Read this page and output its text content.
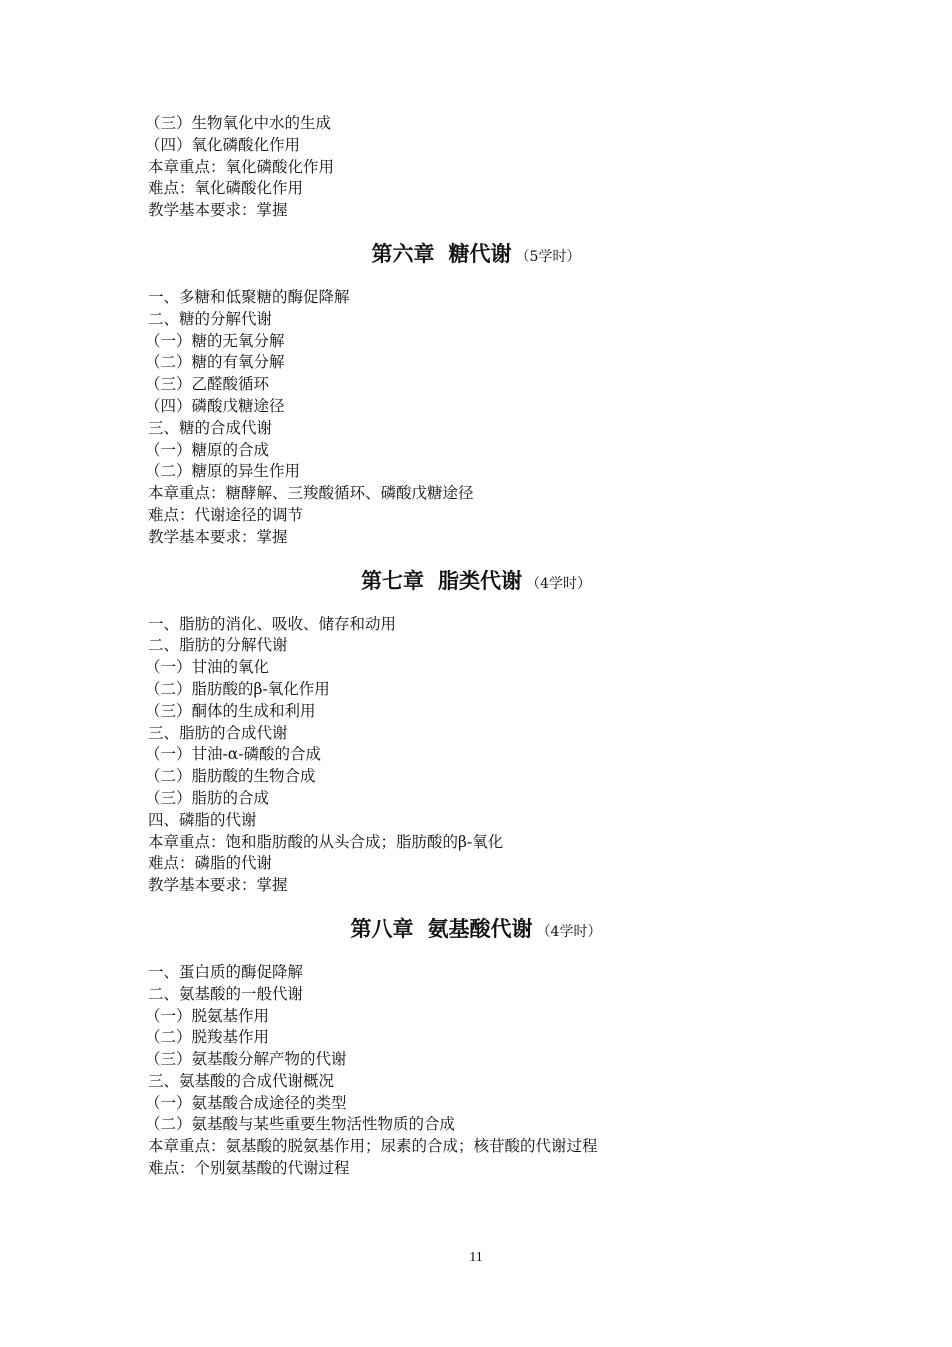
（三）生物氧化中水的生成
（四）氧化磷酸化作用
本章重点：氧化磷酸化作用
难点：氧化磷酸化作用
教学基本要求：掌握
第六章 糖代谢 （5学时）
一、多糖和低聚糖的酶促降解
二、糖的分解代谢
（一）糖的无氧分解
（二）糖的有氧分解
（三）乙醛酸循环
（四）磷酸戊糖途径
三、糖的合成代谢
（一）糖原的合成
（二）糖原的异生作用
本章重点：糖酵解、三羧酸循环、磷酸戊糖途径
难点：代谢途径的调节
教学基本要求：掌握
第七章 脂类代谢 （4学时）
一、脂肪的消化、吸收、储存和动用
二、脂肪的分解代谢
（一）甘油的氧化
（二）脂肪酸的β-氧化作用
（三）酮体的生成和利用
三、脂肪的合成代谢
（一）甘油-α-磷酸的合成
（二）脂肪酸的生物合成
（三）脂肪的合成
四、磷脂的代谢
本章重点：饱和脂肪酸的从头合成；脂肪酸的β-氧化
难点：磷脂的代谢
教学基本要求：掌握
第八章 氨基酸代谢 （4学时）
一、蛋白质的酶促降解
二、氨基酸的一般代谢
（一）脱氨基作用
（二）脱羧基作用
（三）氨基酸分解产物的代谢
三、氨基酸的合成代谢概况
（一）氨基酸合成途径的类型
（二）氨基酸与某些重要生物活性物质的合成
本章重点：氨基酸的脱氨基作用；尿素的合成；核苷酸的代谢过程
难点：个别氨基酸的代谢过程
11
